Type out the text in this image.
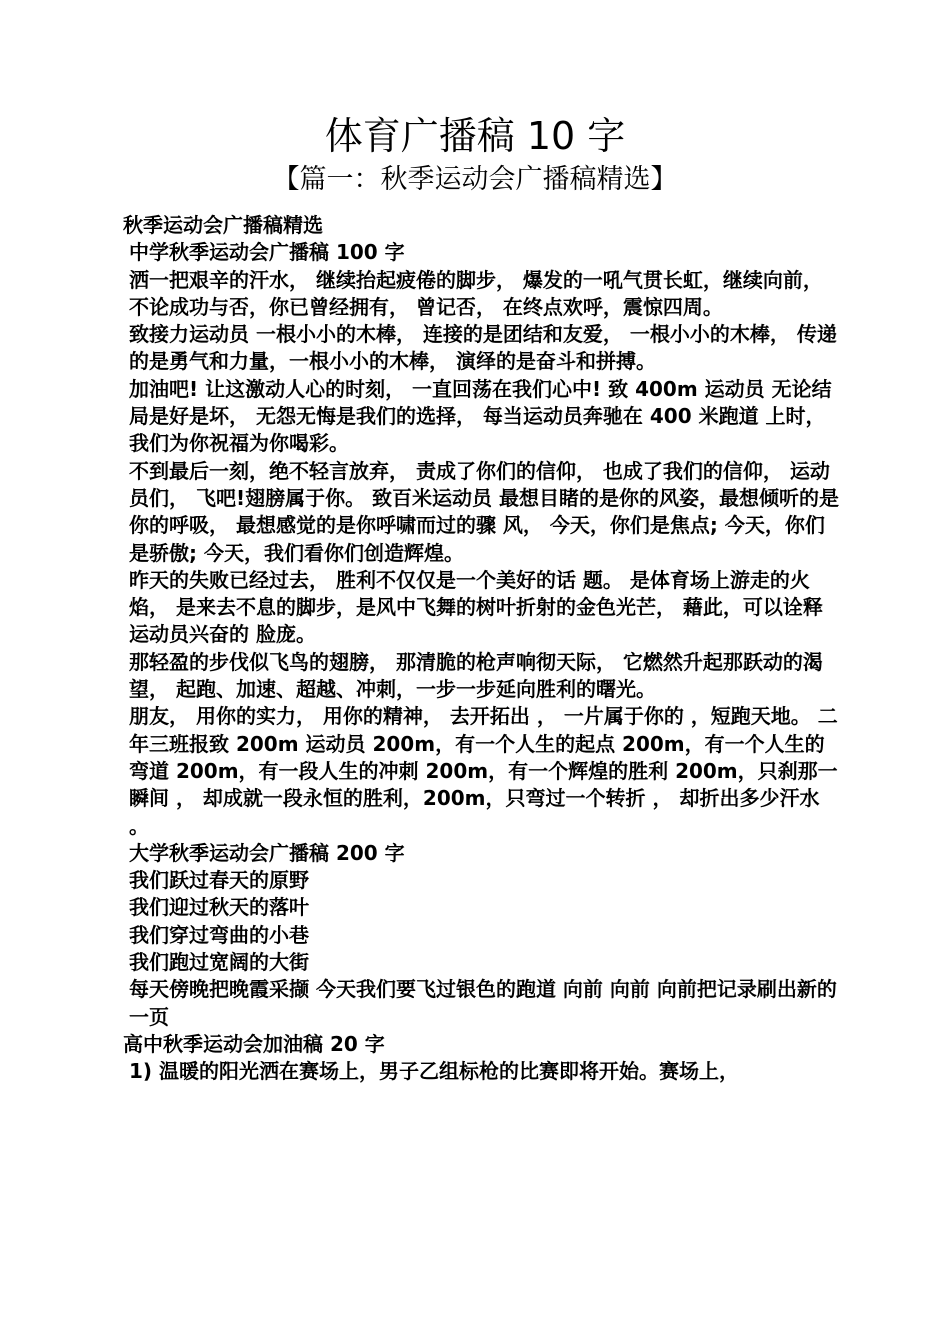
体育广播稿 10 字
【篇一：秋季运动会广播稿精选】

秋季运动会广播稿精选

中学秋季运动会广播稿 100 字

洒一把艰辛的汗水， 继续抬起疲倦的脚步， 爆发的一吼气贯长虹，继续向前， 不论成功与否，你已曾经拥有， 曾记否， 在终点欢呼，震惊四周。

致接力运动员 一根小小的木棒， 连接的是团结和友爱， 一根小小的木棒， 传递的是勇气和力量，一根小小的木棒， 演绎的是奋斗和拼搏。

加油吧! 让这激动人心的时刻， 一直回荡在我们心中! 致 400m 运动员 无论结局是好是坏， 无怨无悔是我们的选择， 每当运动员奔驰在 400 米跑道 上时， 我们为你祝福为你喝彩。

不到最后一刻，绝不轻言放弃， 责成了你们的信仰， 也成了我们的信仰， 运动员们， 飞吧!翅膀属于你。 致百米运动员 最想目睹的是你的风姿，最想倾听的是你的呼吸， 最想感觉的是你呼啸而过的骤 风， 今天，你们是焦点; 今天，你们是骄傲; 今天，我们看你们创造辉煌。

昨天的失败已经过去， 胜利不仅仅是一个美好的话 题。 是体育场上游走的火焰， 是来去不息的脚步，是风中飞舞的树叶折射的金色光芒， 藉此，可以诠释运动员兴奋的 脸庞。

那轻盈的步伐似飞鸟的翅膀， 那清脆的枪声响彻天际， 它燃然升起那跃动的渴望， 起跑、加速、超越、冲刺，一步一步延向胜利的曙光。

朋友， 用你的实力， 用你的精神， 去开拓出 ， 一片属于你的 ，短跑天地。 二年三班报致 200m 运动员 200m，有一个人生的起点 200m，有一个人生的弯道 200m，有一段人生的冲刺 200m，有一个辉煌的胜利 200m，只刹那一瞬间 ， 却成就一段永恒的胜利，200m，只弯过一个转折 ， 却折出多少汗水 。

大学秋季运动会广播稿 200 字

我们跃过春天的原野

我们迎过秋天的落叶

我们穿过弯曲的小巷

我们跑过宽阔的大街

每天傍晚把晚霞采撷 今天我们要飞过银色的跑道 向前 向前 向前把记录刷出新的一页

高中秋季运动会加油稿 20 字

1) 温暖的阳光洒在赛场上，男子乙组标枪的比赛即将开始。赛场上，
